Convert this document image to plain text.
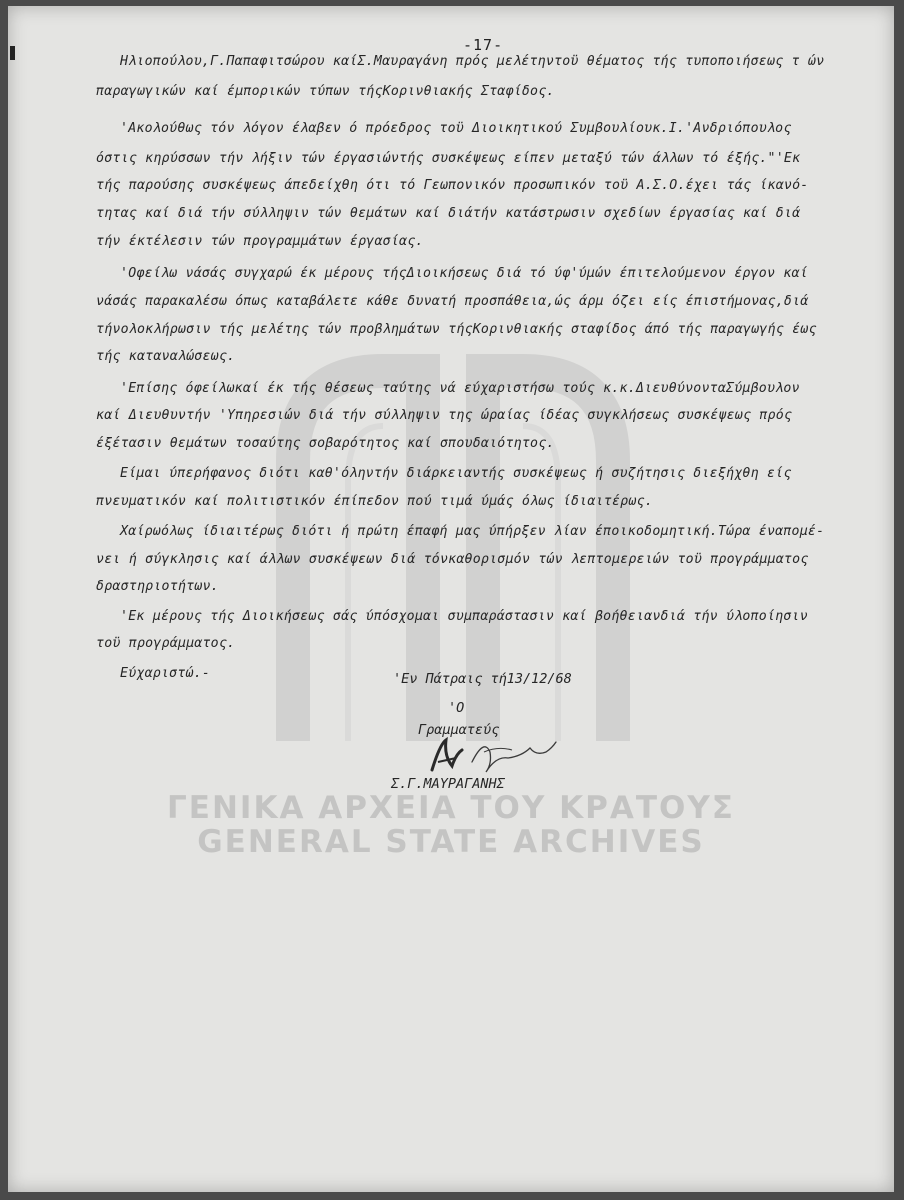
-17-
Ηλιοπούλου,Γ.Παπαφιτσώρου καίΣ.Μαυραγάνη πρός μελέτηντοϋ θέματος τής τυποποιήσεως τ ών
παραγωγικών καί έμπορικών τύπων τήςΚορινθιακής Σταφίδος.
'Ακολούθως τόν λόγον έλαβεν ό πρόεδρος τοϋ Διοικητικού Συμβουλίουκ.Ι.'Ανδριόπουλος
όστις κηρύσσων τήν λήξιν τών έργασιώντής συσκέψεως είπεν μεταξύ τών άλλων τό έξής."'Εκ
τής παρούσης συσκέψεως άπεδείχθη ότι τό Γεωπονικόν προσωπικόν τοϋ Α.Σ.Ο.έχει τάς ίκανό-
τητας καί διά τήν σύλληψιν τών θεμάτων καί διάτήν κατάστρωσιν σχεδίων έργασίας καί διά
τήν έκτέλεσιν τών προγραμμάτων έργασίας.
'Οφείλω νάσάς συγχαρώ έκ μέρους τήςΔιοικήσεως διά τό ύφ'ύμών έπιτελούμενον έργον καί
νάσάς παρακαλέσω όπως καταβάλετε κάθε δυνατή προσπάθεια,ώς άρμ όζει είς έπιστήμονας,διά
τήνολοκλήρωσιν τής μελέτης τών προβλημάτων τήςΚορινθιακής σταφίδος άπό τής παραγωγής έως
τής καταναλώσεως.
'Επίσης όφείλωκαί έκ τής θέσεως ταύτης νά εύχαριστήσω τούς κ.κ.ΔιευθύνονταΣύμβουλον
καί Διευθυντήν 'Υπηρεσιών διά τήν σύλληψιν της ώραίας ίδέας συγκλήσεως συσκέψεως πρός
έξέτασιν θεμάτων τοσαύτης σοβαρότητος καί σπουδαιότητος.
Είμαι ύπερήφανος διότι καθ'όληντήν διάρκειαντής συσκέψεως ή συζήτησις διεξήχθη είς
πνευματικόν καί πολιτιστικόν έπίπεδον πού τιμά ύμάς όλως ίδιαιτέρως.
Χαίρωόλως ίδιαιτέρως διότι ή πρώτη έπαφή μας ύπήρξεν λίαν έποικοδομητική.Τώρα έναπομέ-
νει ή σύγκλησις καί άλλων συσκέψεων διά τόνκαθορισμόν τών λεπτομερειών τοϋ προγράμματος
δραστηριοτήτων.
'Εκ μέρους τής Διοικήσεως σάς ύπόσχομαι συμπαράστασιν καί βοήθειανδιά τήν ύλοποίησιν
τοϋ προγράμματος.
Εύχαριστώ.-	'Εν Πάτραις τή13/12/68
'Ο
Γραμματεύς
Σ.Γ.ΜΑΥΡΑΓΑΝΗΣ
ΓΕΝΙΚΑ ΑΡΧΕΙΑ ΤΟΥ ΚΡΑΤΟΥΣ
GENERAL STATE ARCHIVES
